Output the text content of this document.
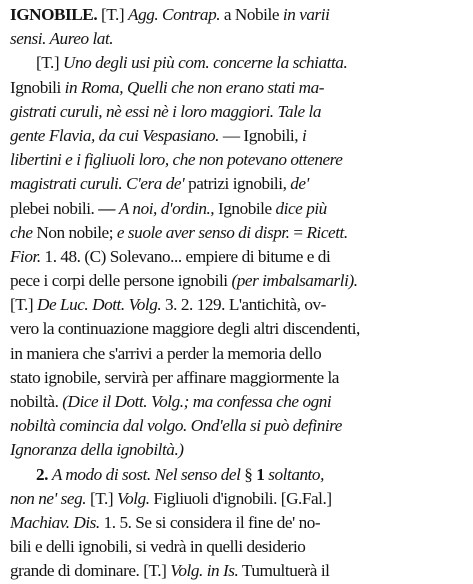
IGNOBILE. [T.] Agg. Contrap. a Nobile in varii
sensi. Aureo lat.
[T.] Uno degli usi più com. concerne la schiatta.
Ignobili in Roma, Quelli che non erano stati ma-
gistrati curuli, nè essi nè i loro maggiori. Tale la
gente Flavia, da cui Vespasiano. — Ignobili, i
libertini e i figliuoli loro, che non potevano ottenere
magistrati curuli. C'era de' patrizi ignobili, de'
plebei nobili. — A noi, d'ordin., Ignobile dice più
che Non nobile; e suole aver senso di dispr. = Ricett.
Fior. 1. 48. (C) Solevano... empiere di bitume e di
pece i corpi delle persone ignobili (per imbalsamarli).
[T.] De Luc. Dott. Volg. 3. 2. 129. L'antichità, ov-
vero la continuazione maggiore degli altri discendenti,
in maniera che s'arrivi a perder la memoria dello
stato ignobile, servirà per affinare maggiormente la
nobiltà. (Dice il Dott. Volg.; ma confessa che ogni
nobiltà comincia dal volgo. Ond'ella si può definire
Ignoranza della ignobiltà.)
2. A modo di sost. Nel senso del § 1 soltanto,
non ne' seg. [T.] Volg. Figliuoli d'ignobili. [G.Fal.]
Machiav. Dis. 1. 5. Se si considera il fine de' no-
bili e delli ignobili, si vedrà in quelli desiderio
grande di dominare. [T.] Volg. in Is. Tumultuerà il
